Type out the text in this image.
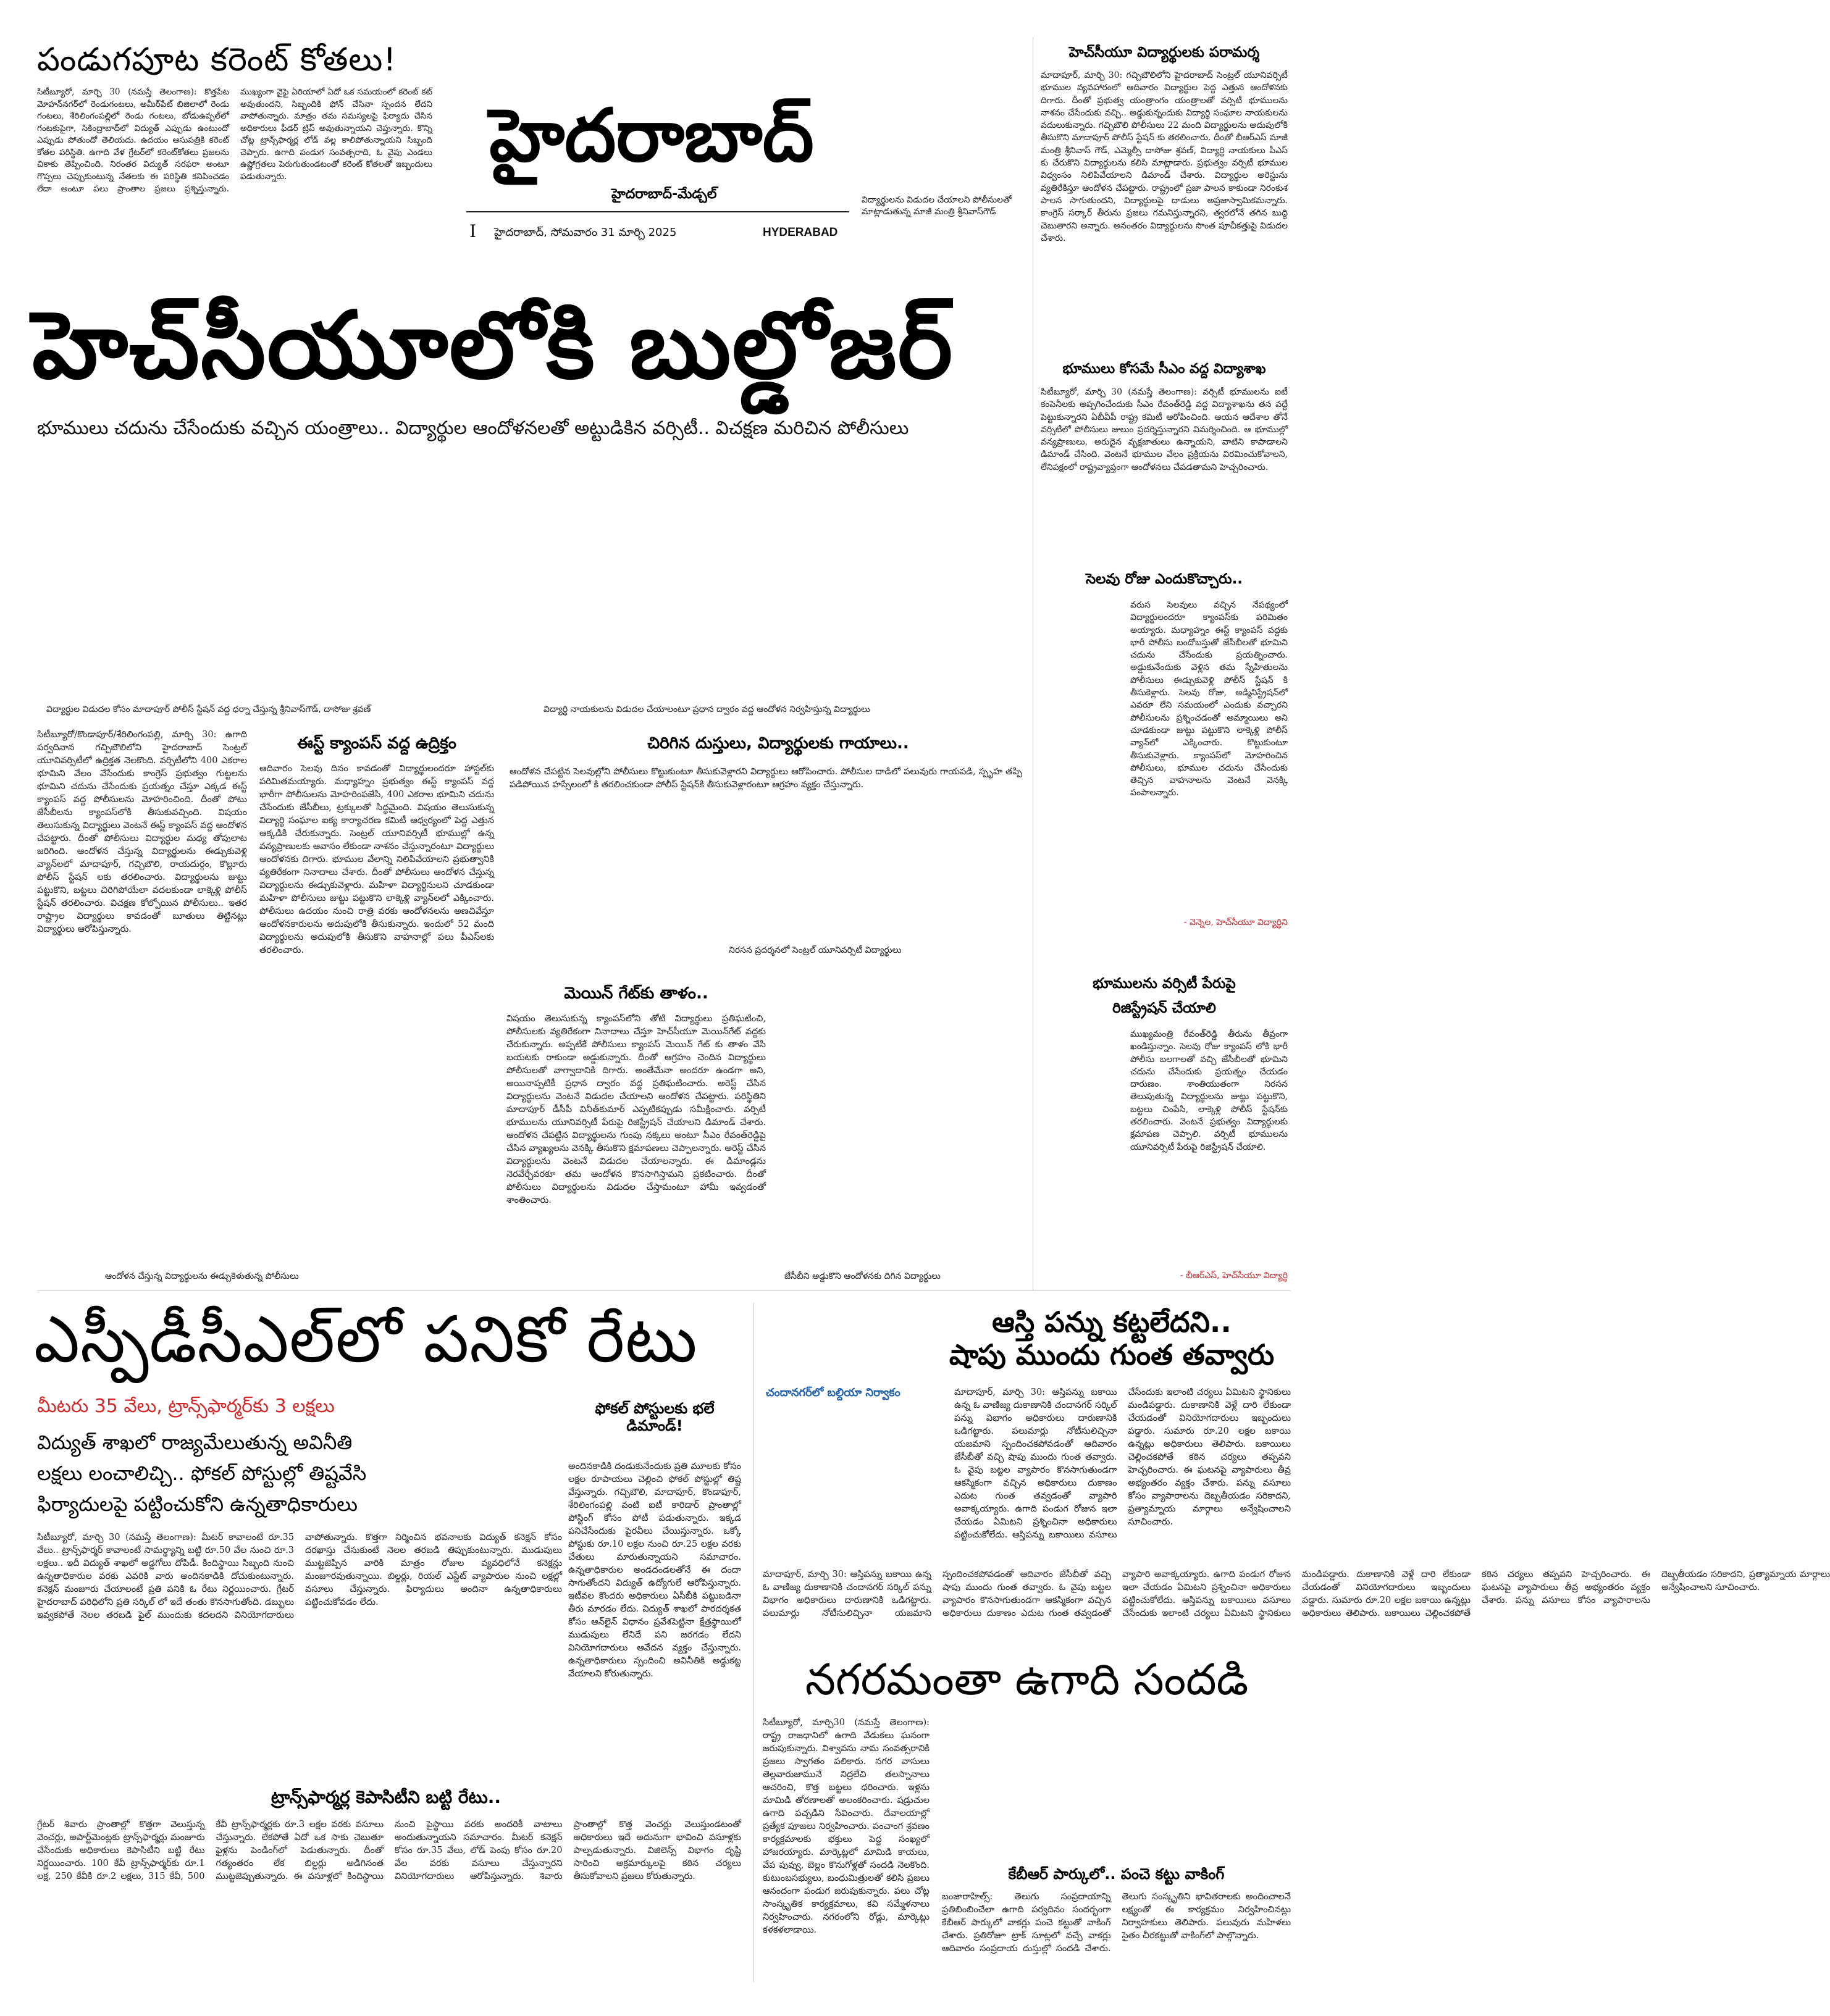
పండుగపూట కరెంట్ కోతలు!
సిటీబ్యూరో, మార్చి 30 (నమస్తే తెలంగాణ): కొత్తపేట మోహన్‌నగర్‌లో రెండుగంటలు, అమీర్‌పేట్ బిజిలాలో రెండు గంటలు, శేరిలింగంపల్లిలో రెండు గంటలు, బోడుఉప్పల్‌లో గంటకుపైగా, సికింద్రాబాద్‌లో విద్యుత్ ఎప్పుడు ఉంటుందో ఎప్పుడు పోతుందో తెలియదు. ఉదయం ఆసుపత్రికి కరెంట్ కోతల పరిస్థితి. ఉగాది వేళ గ్రేటర్‌లో కరెంట్‌కోతలు ప్రజలను చికాకు తెప్పించింది. నిరంతర విద్యుత్ సరఫరా అంటూ గొప్పలు చెప్పుకుంటున్న నేతలకు ఈ పరిస్థితి కనిపించడం లేదా అంటూ పలు ప్రాంతాల ప్రజలు ప్రశ్నిస్తున్నారు. ముఖ్యంగా వైఫై ఏరియాలో ఏదో ఒక సమయంలో కరెంట్ కట్ అవుతుందని, సిబ్బందికి ఫోన్ చేసినా స్పందన లేదని వాపోతున్నారు. మాత్రం తమ సమస్యలపై ఫిర్యాదు చేసిన అధికారులు ఫీడర్ ట్రిప్ అవుతున్నాయని చెప్తున్నారు. కొన్ని చోట్ల ట్రాన్స్‌ఫార్మర్ల లోడ్ వల్ల కాలిపోతున్నాయని సిబ్బంది చెప్పారు. ఉగాది పండుగ సంవత్సరాది, ఓ వైపు ఎండలు ఉష్ణోగ్రతలు పెరుగుతుండటంతో కరెంట్ కోతలతో ఇబ్బందులు పడుతున్నారు.	హైదరాబాద్
హైదరాబాద్-మేడ్చల్
I హైదరాబాద్, సోమవారం 31 మార్చి 2025	HYDERABAD
విద్యార్థులను విడుదల చేయాలని పోలీసులతో మాట్లాడుతున్న మాజీ మంత్రి శ్రీనివాస్‌గౌడ్
హెచ్‌సీయూలోకి బుల్డోజర్
భూములు చదును చేసేందుకు వచ్చిన యంత్రాలు.. విద్యార్థుల ఆందోళనలతో అట్టుడికిన వర్సిటీ.. విచక్షణ మరిచిన పోలీసులు
విద్యార్థుల విడుదల కోసం మాదాపూర్ పోలీస్ స్టేషన్ వద్ద ధర్నా చేస్తున్న శ్రీనివాస్‌గౌడ్, దాసోజు శ్రవణ్	విద్యార్థి నాయకులను విడుదల చేయాలంటూ ప్రధాన ద్వారం వద్ద ఆందోళన నిర్వహిస్తున్న విద్యార్థులు
సిటీబ్యూరో/కొండాపూర్/శేరిలింగంపల్లి, మార్చి 30: ఉగాది పర్వదినాన గచ్చిబౌలిలోని హైదరాబాద్ సెంట్రల్ యూనివర్సిటీలో ఉద్రిక్తత నెలకొంది. వర్సిటీలోని 400 ఎకరాల భూమిని వేలం వేసేందుకు కాంగ్రెస్ ప్రభుత్వం గుట్టలను భూమిని చదును చేసేందుకు ప్రయత్నం చేస్తూ ఎక్కడ ఈస్ట్ క్యాంపస్ వద్ద పోలీసులను మోహరించింది. దీంతో పోటు జేసీబీలను క్యాంపస్‌లోకి తీసుకువచ్చింది. విషయం తెలుసుకున్న విద్యార్థులు వెంటనే ఈస్ట్ క్యాంపస్ వద్ద ఆందోళన చేపట్టారు. దీంతో పోలీసులు విద్యార్థుల మధ్య తోపులాట జరిగింది. ఆందోళన చేస్తున్న విద్యార్థులను ఈడ్చుకువెళ్లి వ్యాన్‌లలో మాదాపూర్, గచ్చిబౌలి, రాయదుర్గం, కొల్లూరు పోలీస్ స్టేషన్ లకు తరలించారు. విద్యార్థులను జుట్టు పట్టుకొని, బట్టలు చిరిగిపోయేలా వదలకుండా లాక్కెళ్లి పోలీస్ స్టేషన్ తరలించారు. విచక్షణ కోల్పోయిన పోలీసులు.. ఇతర రాష్ట్రాల విద్యార్థులు కావడంతో బూతులు తిట్టినట్లు విద్యార్థులు ఆరోపిస్తున్నారు.
ఈస్ట్ క్యాంపస్ వద్ద ఉద్రిక్తం
ఆదివారం సెలవు దినం కావడంతో విద్యార్థులందరూ హాస్టల్‌కు పరిమితమయ్యారు. మధ్యాహ్నం ప్రభుత్వం ఈస్ట్ క్యాంపస్ వద్ద భారీగా పోలీసులను మోహరింపజేసి, 400 ఎకరాల భూమిని చదును చేసేందుకు జేసీబీలు, ట్రక్కులతో సిద్ధమైంది. విషయం తెలుసుకున్న విద్యార్థి సంఘాల ఐక్య కార్యాచరణ కమిటీ ఆధ్వర్యంలో పెద్ద ఎత్తున ఆక్కడికి చేరుకున్నారు. సెంట్రల్ యూనివర్సిటీ భూముల్లో ఉన్న వన్యప్రాణులకు ఆవాసం లేకుండా నాశనం చేస్తున్నారంటూ విద్యార్థులు ఆందోళనకు దిగారు. భూముల వేలాన్ని నిలిపివేయాలని ప్రభుత్వానికి వ్యతిరేకంగా నినాదాలు చేశారు. దీంతో పోలీసులు ఆందోళన చేస్తున్న విద్యార్థులను ఈడ్చుకువెళ్లారు. మహిళా విద్యార్థినులని చూడకుండా మహిళా పోలీసులు జుట్టు పట్టుకొని లాక్కెళ్లి వ్యాన్‌లలో ఎక్కించారు. పోలీసులు ఉదయం నుంచి రాత్రి వరకు ఆందోళనలను అణచివేస్తూ ఆందోళనకారులను అదుపులోకి తీసుకున్నారు. ఇందులో 52 మంది విద్యార్థులను అదుపులోకి తీసుకొని వాహనాల్లో పలు పీఎస్‌లకు తరలించారు.
చిరిగిన దుస్తులు, విద్యార్థులకు గాయాలు..
ఆందోళన చేపట్టిన సెలవుల్లోని పోలీసులు కొట్టుకుంటూ తీసుకువెళ్లారని విద్యార్థులు ఆరోపించారు. పోలీసుల దాడిలో పలువురు గాయపడి, స్పృహ తప్పి పడిపోయిన హస్సేలంలో కి తరలించకుండా పోలీస్ స్టేషన్‌కి తీసుకువెళ్లారంటూ ఆగ్రహం వ్యక్తం చేస్తున్నారు.
నిరసన ప్రదర్శనలో సెంట్రల్ యూనివర్సిటీ విద్యార్థులు
మెయిన్ గేట్‌కు తాళం..
విషయం తెలుసుకున్న క్యాంపస్‌లోని తోటి విద్యార్థులు ప్రతిఘటించి, పోలీసులకు వ్యతిరేకంగా నినాదాలు చేస్తూ హెచ్‌సీయూ మెయిన్‌గేట్ వద్దకు చేరుకున్నారు. అప్పటికే పోలీసులు క్యాంపస్ మెయిన్ గేట్ కు తాళం వేసి బయటకు రాకుండా అడ్డుకున్నారు. దీంతో ఆగ్రహం చెందిన విద్యార్థులు పోలీసులతో వాగ్వాదానికి దిగారు. అంతేమేనా అందరూ ఉండగా అని, అయినాప్పటికీ ప్రధాన ద్వారం వద్ద ప్రతిఘటించారు. అరెస్ట్ చేసిన విద్యార్థులను వెంటనే విడుదల చేయాలని ఆందోళన చేపట్టారు. పరిస్థితిని మాదాపూర్ డీసీపీ వినీత్‌కుమార్ ఎప్పటికప్పుడు సమీక్షించారు. వర్సిటీ భూములను యూనివర్సిటీ పేరుపై రిజిస్ట్రేషన్ చేయాలని డిమాండ్ చేశారు. ఆందోళన చేపట్టిన విద్యార్థులను గుంపు నక్కలు అంటూ సీఎం రేవంత్‌రెడ్డిపై చేసిన వ్యాఖ్యలను వెనక్కి తీసుకొని క్షమాపణలు చెప్పాలన్నారు. అరెస్ట్ చేసిన విద్యార్థులను వెంటనే విడుదల చేయాలన్నారు. ఈ డిమాండ్లను నెరవేర్చేవరకూ తమ ఆందోళన కొనసాగిస్తామని ప్రకటించారు. దీంతో పోలీసులు విద్యార్థులను విడుదల చేస్తామంటూ హామీ ఇవ్వడంతో శాంతించారు.
ఆందోళన చేస్తున్న విద్యార్థులను ఈడ్చుకెళుతున్న పోలీసులు	జేసీబీని అడ్డుకొని ఆందోళనకు దిగిన విద్యార్థులు
హెచ్‌సీయూ విద్యార్థులకు పరామర్శ
మాదాపూర్, మార్చి 30: గచ్చిబౌలిలోని హైదరాబాద్ సెంట్రల్ యూనివర్సిటీ భూముల వ్యవహారంలో ఆదివారం విద్యార్థుల పెద్ద ఎత్తున ఆందోళనకు దిగారు. దీంతో ప్రభుత్వ యంత్రాంగం యంత్రాలతో వర్సిటీ భూములను నాశనం చేసేందుకు వచ్చి.. అడ్డుకున్నందుకు విద్యార్థి సంఘాల నాయకులను వదులుకున్నారు. గచ్చిబౌలి పోలీసులు 22 మంది విద్యార్థులను అదుపులోకి తీసుకొని మాదాపూర్ పోలీస్ స్టేషన్ కు తరలించారు. దీంతో బీఆర్‌ఎస్ మాజీ మంత్రి శ్రీనివాస్ గౌడ్, ఎమ్మెల్సీ దాసోజు శ్రవణ్, విద్యార్థి నాయకులు పీఎస్ కు చేరుకొని విద్యార్థులను కలిసి మాట్లాడారు. ప్రభుత్వం వర్సిటీ భూముల విధ్వంసం నిలిపివేయాలని డిమాండ్ చేశారు. విద్యార్థుల అరెస్టును వ్యతిరేకిస్తూ ఆందోళన చేపట్టారు. రాష్ట్రంలో ప్రజా పాలన కాకుండా నిరంకుశ పాలన సాగుతుందని, విద్యార్థులపై దాడులు అప్రజాస్వామికమన్నారు. కాంగ్రెస్ సర్కార్ తీరును ప్రజలు గమనిస్తున్నారని, త్వరలోనే తగిన బుద్ధి చెబుతారని అన్నారు. అనంతరం విద్యార్థులను సొంత పూచీకత్తుపై విడుదల చేశారు.
భూములు కోసమే సీఎం వద్ద విద్యాశాఖ
సిటీబ్యూరో, మార్చి 30 (నమస్తే తెలంగాణ): వర్సిటీ భూములను ఐటీ కంపెనీలకు అప్పగించేందుకు సీఎం రేవంత్‌రెడ్డి వద్ద విద్యాశాఖను తన వద్దే పెట్టుకున్నారని ఏబీవీపీ రాష్ట్ర కమిటీ ఆరోపించింది. ఆయన ఆదేశాల తోనే వర్సిటీలో పోలీసులు జులుం ప్రదర్శిస్తున్నారని విమర్శించింది. ఆ భూముల్లో వన్యప్రాణులు, అరుదైన వృక్షజాతులు ఉన్నాయని, వాటిని కాపాడాలని డిమాండ్ చేసింది. వెంటనే భూముల వేలం ప్రక్రియను విరమించుకోవాలని, లేనిపక్షంలో రాష్ట్రవ్యాప్తంగా ఆందోళనలు చేపడతామని హెచ్చరించారు.
సెలవు రోజు ఎందుకొచ్చారు..
వరుస సెలవులు వచ్చిన నేపథ్యంలో విద్యార్థులందరూ క్యాంపస్‌కు పరిమితం అయ్యారు. మధ్యాహ్నం ఈస్ట్ క్యాంపస్ వద్దకు భారీ పోలీసు బందోబస్తుతో జేసీబీలతో భూమిని చదును చేసేందుకు ప్రయత్నించారు. అడ్డుకునేందుకు వెళ్లిన తమ స్నేహితులను పోలీసులు ఈడ్చుకువెళ్లి పోలీస్ స్టేషన్ కి తీసుకెళ్లారు. సెలవు రోజు, అడ్మినిస్ట్రేషన్‌లో ఎవరూ లేని సమయంలో ఎందుకు వచ్చారని పోలీసులను ప్రశ్నించడంతో అమ్మాయిలు అని చూడకుండా జుట్టు పట్టుకొని లాక్కెళ్లి పోలీస్ వ్యాన్‌లో ఎక్కించారు. కొట్టుకుంటూ తీసుకువెళ్లారు. క్యాంపస్‌లో మోహరించిన పోలీసులు, భూముల చదును చేసేందుకు తెచ్చిన వాహనాలను వెంటనే వెనక్కి పంపాలన్నారు.
- వెన్నెల, హెచ్‌సీయూ విద్యార్థిని
భూములను వర్సిటీ పేరుపై
రిజిస్ట్రేషన్ చేయాలి
ముఖ్యమంత్రి రేవంత్‌రెడ్డి తీరును తీవ్రంగా ఖండిస్తున్నాం. సెలవు రోజు క్యాంపస్ లోకి భారీ పోలీసు బలగాలతో వచ్చి జేసీబీలతో భూమిని చదును చేసేందుకు ప్రయత్నం చేయడం దారుణం. శాంతియుతంగా నిరసన తెలుపుతున్న విద్యార్థులను జుట్టు పట్టుకొని, బట్టలు చింపేసి, లాక్కెళ్లి పోలీస్ స్టేషన్‌కు తరలించారు. వెంటనే ప్రభుత్వం విద్యార్థులకు క్షమాపణ చెప్పాలి. వర్సిటీ భూములను యూనివర్సిటీ పేరుపై రిజిస్ట్రేషన్ చేయాలి.
- బీఆర్‌ఎస్, హెచ్‌సీయూ విద్యార్థి
ఎస్పీడీసీఎల్‌లో పనికో రేటు
మీటరు 35 వేలు, ట్రాన్స్‌ఫార్మర్‌కు 3 లక్షలు
విద్యుత్ శాఖలో రాజ్యమేలుతున్న అవినీతి
లక్షలు లంచాలిచ్చి.. ఫోకల్ పోస్టుల్లో తిష్టవేసి
ఫిర్యాదులపై పట్టించుకోని ఉన్నతాధికారులు
సిటీబ్యూరో, మార్చి 30 (నమస్తే తెలంగాణ): మీటర్ కావాలంటే రూ.35 వేలు.. ట్రాన్స్‌ఫార్మర్ కావాలంటే సామర్థ్యాన్ని బట్టి రూ.50 వేల నుంచి రూ.3 లక్షలు.. ఇదీ విద్యుత్ శాఖలో అడ్డగోలు దోపిడీ. కిందిస్థాయి సిబ్బంది నుంచి ఉన్నతాధికారుల వరకు ఎవరికి వారు అందినకాడికి దోచుకుంటున్నారు. కనెక్షన్ మంజూరు చేయాలంటే ప్రతి పనికి ఓ రేటు నిర్ణయించారు. గ్రేటర్ హైదరాబాద్ పరిధిలోని ప్రతి సర్కిల్ లో ఇదే తంతు కొనసాగుతోంది. డబ్బులు ఇవ్వకపోతే నెలల తరబడి ఫైల్ ముందుకు కదలదని వినియోగదారులు వాపోతున్నారు. కొత్తగా నిర్మించిన భవనాలకు విద్యుత్ కనెక్షన్ కోసం దరఖాస్తు చేసుకుంటే నెలల తరబడి తిప్పుకుంటున్నారు. ముడుపులు ముట్టజెప్పిన వారికి మాత్రం రోజుల వ్యవధిలోనే కనెక్షన్లు మంజూరవుతున్నాయి. బిల్డర్లు, రియల్ ఎస్టేట్ వ్యాపారుల నుంచి లక్షల్లో వసూలు చేస్తున్నారు. ఫిర్యాదులు అందినా ఉన్నతాధికారులు పట్టించుకోవడం లేదు.
ఫోకల్ పోస్టులకు భలే డిమాండ్!
అందినకాడికి దండుకునేందుకు ప్రతి మూలకు కోసం లక్షల రూపాయలు చెల్లించి ఫోకల్ పోస్టుల్లో తిష్ట వేస్తున్నారు. గచ్చిబౌలి, మాదాపూర్, కొండాపూర్, శేరిలింగంపల్లి వంటి ఐటీ కారిడార్ ప్రాంతాల్లో పోస్టింగ్ కోసం పోటీ పడుతున్నారు. ఇక్కడ పనిచేసేందుకు పైరవీలు చేయిస్తున్నారు. ఒక్కో పోస్టుకు రూ.10 లక్షల నుంచి రూ.25 లక్షల వరకు చేతులు మారుతున్నాయని సమాచారం. ఉన్నతాధికారుల అండదండలతోనే ఈ దందా సాగుతోందని విద్యుత్ ఉద్యోగులే ఆరోపిస్తున్నారు. ఇటీవల కొందరు అధికారులు ఏసీబీకి పట్టుబడినా తీరు మారడం లేదు. విద్యుత్ శాఖలో పారదర్శకత కోసం ఆన్‌లైన్ విధానం ప్రవేశపెట్టినా క్షేత్రస్థాయిలో ముడుపులు లేనిదే పని జరగడం లేదని వినియోగదారులు ఆవేదన వ్యక్తం చేస్తున్నారు. ఉన్నతాధికారులు స్పందించి అవినీతికి అడ్డుకట్ట వేయాలని కోరుతున్నారు.
ట్రాన్స్‌ఫార్మర్ల కెపాసిటీని బట్టి రేటు..
గ్రేటర్ శివారు ప్రాంతాల్లో కొత్తగా వెలుస్తున్న వెంచర్లు, అపార్ట్‌మెంట్లకు ట్రాన్స్‌ఫార్మర్లు మంజూరు చేసేందుకు అధికారులు కెపాసిటీని బట్టి రేటు నిర్ణయించారు. 100 కేవీ ట్రాన్స్‌ఫార్మర్‌కు రూ.1 లక్ష, 250 కేవీకి రూ.2 లక్షలు, 315 కేవీ, 500 కేవీ ట్రాన్స్‌ఫార్మర్లకు రూ.3 లక్షల వరకు వసూలు చేస్తున్నారు. లేకపోతే ఏదో ఒక సాకు చెబుతూ ఫైళ్లను పెండింగ్‌లో పెడుతున్నారు. దీంతో గత్యంతరం లేక బిల్డర్లు అడిగినంత ముట్టజెప్పుతున్నారు. ఈ వసూళ్లలో కిందిస్థాయి నుంచి పైస్థాయి వరకు అందరికీ వాటాలు అందుతున్నాయని సమాచారం. మీటర్ కనెక్షన్ కోసం రూ.35 వేలు, లోడ్ పెంపు కోసం రూ.20 వేల వరకు వసూలు చేస్తున్నారని వినియోగదారులు ఆరోపిస్తున్నారు. శివారు ప్రాంతాల్లో కొత్త వెంచర్లు వెలుస్తుండటంతో అధికారులు ఇదే అదునుగా భావించి వసూళ్లకు పాల్పడుతున్నారు. విజిలెన్స్ విభాగం దృష్టి సారించి అక్రమార్కులపై కఠిన చర్యలు తీసుకోవాలని ప్రజలు కోరుతున్నారు.
ఆస్తి పన్ను కట్టలేదని..
షాపు ముందు గుంత తవ్వారు
చందానగర్‌లో బల్దియా నిర్వాకం
మాదాపూర్, మార్చి 30: ఆస్తిపన్ను బకాయి ఉన్న ఓ వాణిజ్య దుకాణానికి చందానగర్ సర్కిల్ పన్ను విభాగం అధికారులు దారుణానికి ఒడిగట్టారు. పలుమార్లు నోటీసులిచ్చినా యజమాని స్పందించకపోవడంతో ఆదివారం జేసీబీతో వచ్చి షాపు ముందు గుంత తవ్వారు. ఓ వైపు బట్టల వ్యాపారం కొనసాగుతుండగా ఆకస్మికంగా వచ్చిన అధికారులు దుకాణం ఎదుట గుంత తవ్వడంతో వ్యాపారి అవాక్కయ్యారు. ఉగాది పండుగ రోజున ఇలా చేయడం ఏమిటని ప్రశ్నించినా అధికారులు పట్టించుకోలేదు. ఆస్తిపన్ను బకాయిలు వసూలు చేసేందుకు ఇలాంటి చర్యలు ఏమిటని స్థానికులు మండిపడ్డారు. దుకాణానికి వెళ్లే దారి లేకుండా చేయడంతో వినియోగదారులు ఇబ్బందులు పడ్డారు. సుమారు రూ.20 లక్షల బకాయి ఉన్నట్లు అధికారులు తెలిపారు. బకాయిలు చెల్లించకపోతే కఠిన చర్యలు తప్పవని హెచ్చరించారు. ఈ ఘటనపై వ్యాపారులు తీవ్ర అభ్యంతరం వ్యక్తం చేశారు. పన్ను వసూలు కోసం వ్యాపారాలను దెబ్బతీయడం సరికాదని, ప్రత్యామ్నాయ మార్గాలు అన్వేషించాలని సూచించారు.
మాదాపూర్, మార్చి 30: ఆస్తిపన్ను బకాయి ఉన్న ఓ వాణిజ్య దుకాణానికి చందానగర్ సర్కిల్ పన్ను విభాగం అధికారులు దారుణానికి ఒడిగట్టారు. పలుమార్లు నోటీసులిచ్చినా యజమాని స్పందించకపోవడంతో ఆదివారం జేసీబీతో వచ్చి షాపు ముందు గుంత తవ్వారు. ఓ వైపు బట్టల వ్యాపారం కొనసాగుతుండగా ఆకస్మికంగా వచ్చిన అధికారులు దుకాణం ఎదుట గుంత తవ్వడంతో వ్యాపారి అవాక్కయ్యారు. ఉగాది పండుగ రోజున ఇలా చేయడం ఏమిటని ప్రశ్నించినా అధికారులు పట్టించుకోలేదు. ఆస్తిపన్ను బకాయిలు వసూలు చేసేందుకు ఇలాంటి చర్యలు ఏమిటని స్థానికులు మండిపడ్డారు. దుకాణానికి వెళ్లే దారి లేకుండా చేయడంతో వినియోగదారులు ఇబ్బందులు పడ్డారు. సుమారు రూ.20 లక్షల బకాయి ఉన్నట్లు అధికారులు తెలిపారు. బకాయిలు చెల్లించకపోతే కఠిన చర్యలు తప్పవని హెచ్చరించారు. ఈ ఘటనపై వ్యాపారులు తీవ్ర అభ్యంతరం వ్యక్తం చేశారు. పన్ను వసూలు కోసం వ్యాపారాలను దెబ్బతీయడం సరికాదని, ప్రత్యామ్నాయ మార్గాలు అన్వేషించాలని సూచించారు.
నగరమంతా ఉగాది సందడి
సిటీబ్యూరో, మార్చి30 (నమస్తే తెలంగాణ): రాష్ట్ర రాజధానిలో ఉగాది వేడుకలు ఘనంగా జరుపుకున్నారు. విశ్వావసు నామ సంవత్సరానికి ప్రజలు స్వాగతం పలికారు. నగర వాసులు తెల్లవారుజామునే నిద్రలేచి తలస్నానాలు ఆచరించి, కొత్త బట్టలు ధరించారు. ఇళ్లను మామిడి తోరణాలతో అలంకరించారు. షడ్రుచుల ఉగాది పచ్చడిని సేవించారు. దేవాలయాల్లో ప్రత్యేక పూజలు నిర్వహించారు. పంచాంగ శ్రవణం కార్యక్రమాలకు భక్తులు పెద్ద సంఖ్యలో హాజరయ్యారు. మార్కెట్లలో మామిడి కాయలు, వేప పువ్వు, బెల్లం కొనుగోళ్లతో సందడి నెలకొంది. కుటుంబసభ్యులు, బంధుమిత్రులతో కలిసి ప్రజలు ఆనందంగా పండుగ జరుపుకున్నారు. పలు చోట్ల సాంస్కృతిక కార్యక్రమాలు, కవి సమ్మేళనాలు నిర్వహించారు. నగరంలోని రోడ్లు, మార్కెట్లు కళకళలాడాయి.
కేబీఆర్ పార్కులో.. పంచె కట్టు వాకింగ్
బంజారాహిల్స్: తెలుగు సంప్రదాయాన్ని ప్రతిబింబించేలా ఉగాది పర్వదినం సందర్భంగా కేబీఆర్ పార్కులో వాకర్లు పంచె కట్టుతో వాకింగ్ చేశారు. ప్రతిరోజూ ట్రాక్ సూట్లలో వచ్చే వాకర్లు ఆదివారం సంప్రదాయ దుస్తుల్లో సందడి చేశారు. తెలుగు సంస్కృతిని భావితరాలకు అందించాలనే లక్ష్యంతో ఈ కార్యక్రమం నిర్వహించినట్లు నిర్వాహకులు తెలిపారు. పలువురు మహిళలు సైతం చీరకట్టుతో వాకింగ్‌లో పాల్గొన్నారు.
